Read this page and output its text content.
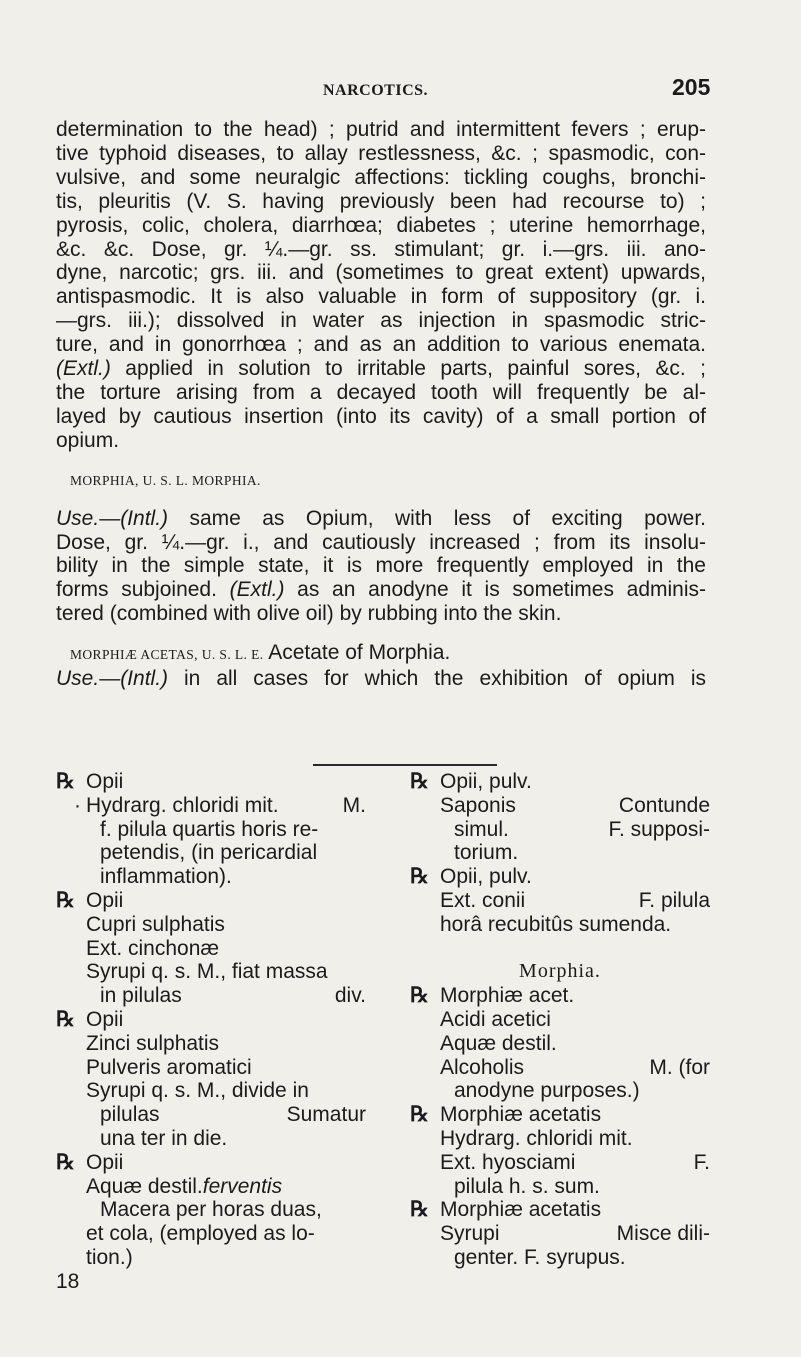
NARCOTICS.	205
determination to the head) ; putrid and intermittent fevers ; erup-
tive typhoid diseases, to allay restlessness, &c. ; spasmodic, con-
vulsive, and some neuralgic affections: tickling coughs, bronchi-
tis, pleuritis (V. S. having previously been had recourse to) ;
pyrosis, colic, cholera, diarrhœa; diabetes ; uterine hemorrhage,
&c. &c. Dose, gr. ¼.—gr. ss. stimulant; gr. i.—grs. iii. ano-
dyne, narcotic; grs. iii. and (sometimes to great extent) upwards,
antispasmodic. It is also valuable in form of suppository (gr. i.
—grs. iii.); dissolved in water as injection in spasmodic stric-
ture, and in gonorrhœa ; and as an addition to various enemata.
(Extl.) applied in solution to irritable parts, painful sores, &c. ;
the torture arising from a decayed tooth will frequently be al-
layed by cautious insertion (into its cavity) of a small portion of
opium.
MORPHIA, U. S. L. MORPHIA.
Use.—(Intl.) same as Opium, with less of exciting power.
Dose, gr. ¼.—gr. i., and cautiously increased ; from its insolu-
bility in the simple state, it is more frequently employed in the
forms subjoined. (Extl.) as an anodyne it is sometimes adminis-
tered (combined with olive oil) by rubbing into the skin.
MORPHIÆ ACETAS, U. S. L. E. Acetate of Morphia.
Use.—(Intl.) in all cases for which the exhibition of opium is
℞ Opii
· Hydrarg. chloridi mit.	M.
f. pilula quartis horis re-
petendis, (in pericardial
inflammation).
℞ Opii
Cupri sulphatis
Ext. cinchonæ
Syrupi q. s. M., fiat massa
in pilulas	div.
℞ Opii
Zinci sulphatis
Pulveris aromatici
Syrupi q. s. M., divide in
pilulas	Sumatur
una ter in die.
℞ Opii
Aquæ destil.ferventis
Macera per horas duas,
et cola, (employed as lo-
tion.)
18
℞ Opii, pulv.
Saponis	Contunde
simul.	F. supposi-
torium.
℞ Opii, pulv.
Ext. conii	F. pilula
horâ recubitûs sumenda.

Morphia.
℞ Morphiæ acet.
Acidi acetici
Aquæ destil.
Alcoholis	M. (for
anodyne purposes.)
℞ Morphiæ acetatis
Hydrarg. chloridi mit.
Ext. hyosciami	F.
pilula h. s. sum.
℞ Morphiæ acetatis
Syrupi	Misce dili-
genter. F. syrupus.
